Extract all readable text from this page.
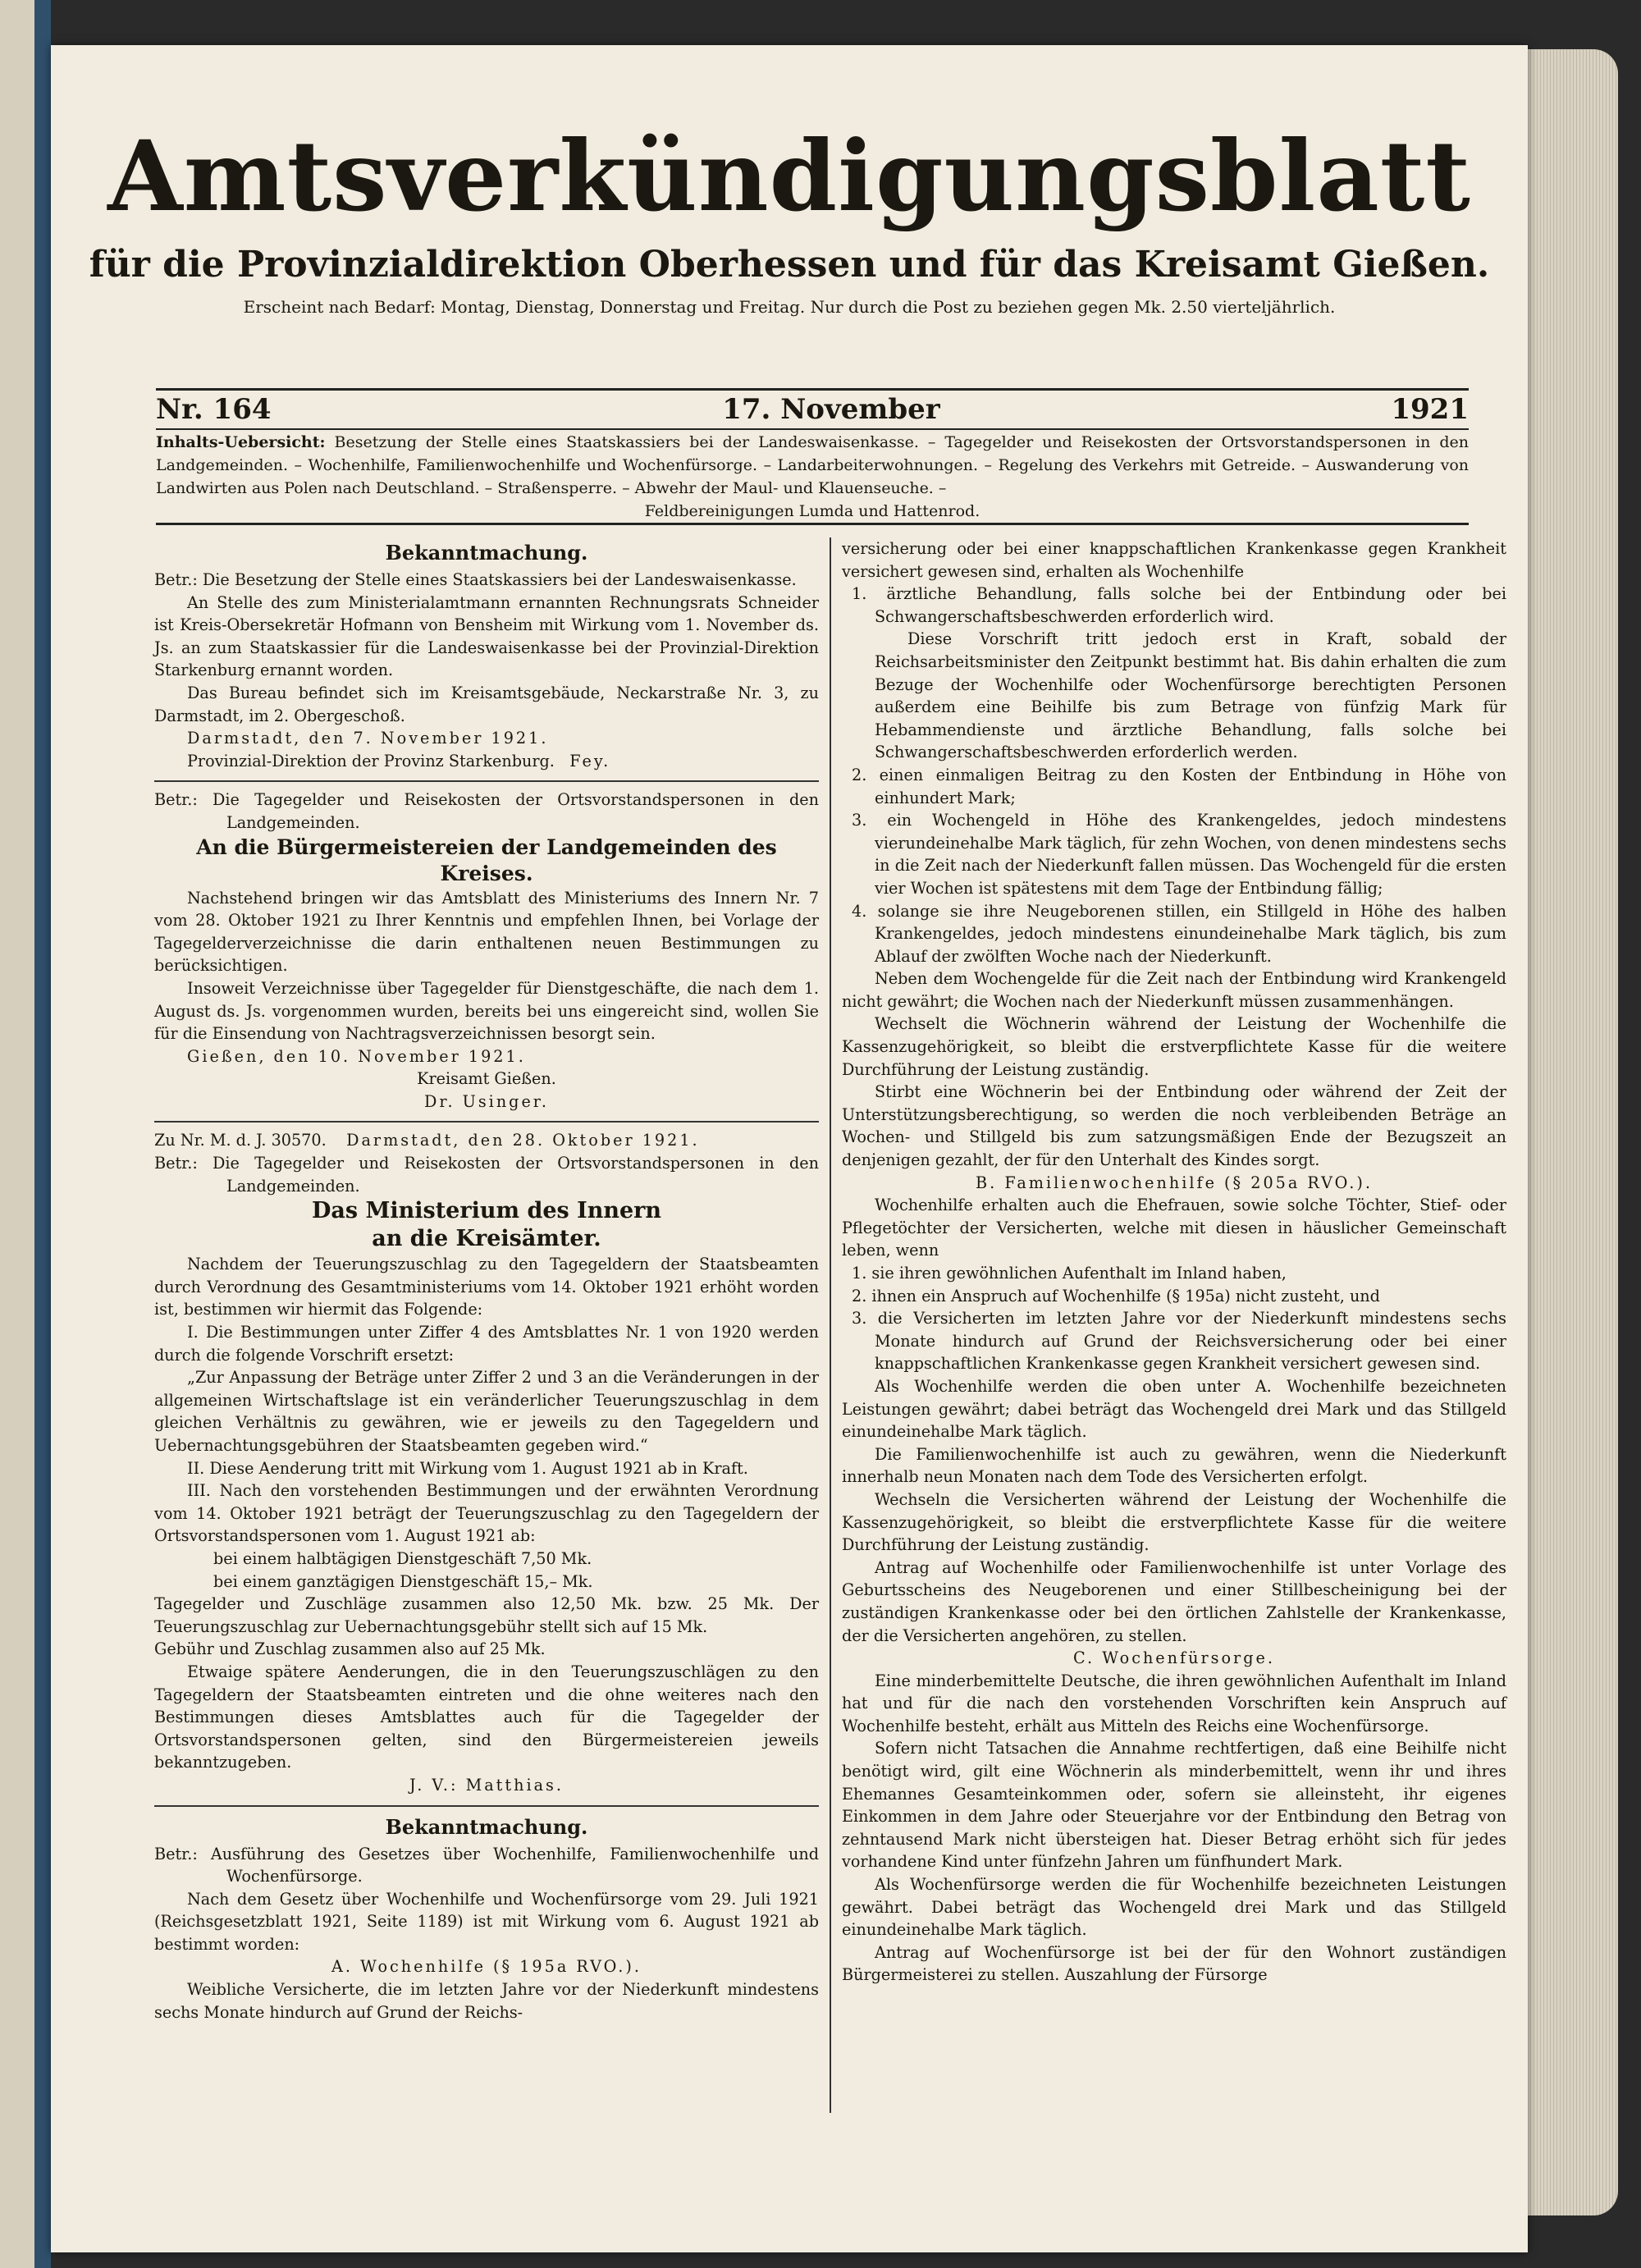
Amtsverkündigungsblatt
für die Provinzialdirektion Oberhessen und für das Kreisamt Gießen.
Erscheint nach Bedarf: Montag, Dienstag, Donnerstag und Freitag. Nur durch die Post zu beziehen gegen Mk. 2.50 vierteljährlich.
Nr. 164	17. November	1921
Inhalts-Uebersicht: Besetzung der Stelle eines Staatskassiers bei der Landeswaisenkasse. – Tagegelder und Reisekosten der Ortsvorstandspersonen in den Landgemeinden. – Wochenhilfe, Familienwochenhilfe und Wochenfürsorge. – Landarbeiterwohnungen. – Regelung des Verkehrs mit Getreide. – Auswanderung von Landwirten aus Polen nach Deutschland. – Straßensperre. – Abwehr der Maul- und Klauenseuche. –
Feldbereinigungen Lumda und Hattenrod.
Bekanntmachung.

Betr.: Die Besetzung der Stelle eines Staatskassiers bei der Landeswaisenkasse.

An Stelle des zum Ministerialamtmann ernannten Rechnungsrats Schneider ist Kreis-Obersekretär Hofmann von Bensheim mit Wirkung vom 1. November ds. Js. an zum Staatskassier für die Landeswaisenkasse bei der Provinzial-Direktion Starkenburg ernannt worden.

Das Bureau befindet sich im Kreisamtsgebäude, Neckarstraße Nr. 3, zu Darmstadt, im 2. Obergeschoß.

Darmstadt, den 7. November 1921.

Provinzial-Direktion der Provinz Starkenburg. Fey.

Betr.: Die Tagegelder und Reisekosten der Ortsvorstandspersonen in den Landgemeinden.

An die Bürgermeistereien der Landgemeinden des Kreises.

Nachstehend bringen wir das Amtsblatt des Ministeriums des Innern Nr. 7 vom 28. Oktober 1921 zu Ihrer Kenntnis und empfehlen Ihnen, bei Vorlage der Tagegelderverzeichnisse die darin enthaltenen neuen Bestimmungen zu berücksichtigen.

Insoweit Verzeichnisse über Tagegelder für Dienstgeschäfte, die nach dem 1. August ds. Js. vorgenommen wurden, bereits bei uns eingereicht sind, wollen Sie für die Einsendung von Nachtragsverzeichnissen besorgt sein.

Gießen, den 10. November 1921.

Kreisamt Gießen.

Dr. Usinger.

Zu Nr. M. d. J. 30570. Darmstadt, den 28. Oktober 1921.

Betr.: Die Tagegelder und Reisekosten der Ortsvorstandspersonen in den Landgemeinden.

Das Ministerium des Innern
an die Kreisämter.

Nachdem der Teuerungszuschlag zu den Tagegeldern der Staatsbeamten durch Verordnung des Gesamtministeriums vom 14. Oktober 1921 erhöht worden ist, bestimmen wir hiermit das Folgende:

I. Die Bestimmungen unter Ziffer 4 des Amtsblattes Nr. 1 von 1920 werden durch die folgende Vorschrift ersetzt:

„Zur Anpassung der Beträge unter Ziffer 2 und 3 an die Veränderungen in der allgemeinen Wirtschaftslage ist ein veränderlicher Teuerungszuschlag in dem gleichen Verhältnis zu gewähren, wie er jeweils zu den Tagegeldern und Uebernachtungsgebühren der Staatsbeamten gegeben wird.“

II. Diese Aenderung tritt mit Wirkung vom 1. August 1921 ab in Kraft.

III. Nach den vorstehenden Bestimmungen und der erwähnten Verordnung vom 14. Oktober 1921 beträgt der Teuerungszuschlag zu den Tagegeldern der Ortsvorstandspersonen vom 1. August 1921 ab:

bei einem halbtägigen Dienstgeschäft 7,50 Mk.

bei einem ganztägigen Dienstgeschäft 15,– Mk.

Tagegelder und Zuschläge zusammen also 12,50 Mk. bzw. 25 Mk. Der Teuerungszuschlag zur Uebernachtungsgebühr stellt sich auf 15 Mk.

Gebühr und Zuschlag zusammen also auf 25 Mk.

Etwaige spätere Aenderungen, die in den Teuerungszuschlägen zu den Tagegeldern der Staatsbeamten eintreten und die ohne weiteres nach den Bestimmungen dieses Amtsblattes auch für die Tagegelder der Ortsvorstandspersonen gelten, sind den Bürgermeistereien jeweils bekanntzugeben.

J. V.: Matthias.

Bekanntmachung.

Betr.: Ausführung des Gesetzes über Wochenhilfe, Familienwochenhilfe und Wochenfürsorge.

Nach dem Gesetz über Wochenhilfe und Wochenfürsorge vom 29. Juli 1921 (Reichsgesetzblatt 1921, Seite 1189) ist mit Wirkung vom 6. August 1921 ab bestimmt worden:

A. Wochenhilfe (§ 195a RVO.).

Weibliche Versicherte, die im letzten Jahre vor der Niederkunft mindestens sechs Monate hindurch auf Grund der Reichs-

versicherung oder bei einer knappschaftlichen Krankenkasse gegen Krankheit versichert gewesen sind, erhalten als Wochenhilfe

1. ärztliche Behandlung, falls solche bei der Entbindung oder bei Schwangerschaftsbeschwerden erforderlich wird.

Diese Vorschrift tritt jedoch erst in Kraft, sobald der Reichsarbeitsminister den Zeitpunkt bestimmt hat. Bis dahin erhalten die zum Bezuge der Wochenhilfe oder Wochenfürsorge berechtigten Personen außerdem eine Beihilfe bis zum Betrage von fünfzig Mark für Hebammendienste und ärztliche Behandlung, falls solche bei Schwangerschaftsbeschwerden erforderlich werden.

2. einen einmaligen Beitrag zu den Kosten der Entbindung in Höhe von einhundert Mark;

3. ein Wochengeld in Höhe des Krankengeldes, jedoch mindestens vierundeinehalbe Mark täglich, für zehn Wochen, von denen mindestens sechs in die Zeit nach der Niederkunft fallen müssen. Das Wochengeld für die ersten vier Wochen ist spätestens mit dem Tage der Entbindung fällig;

4. solange sie ihre Neugeborenen stillen, ein Stillgeld in Höhe des halben Krankengeldes, jedoch mindestens einundeinehalbe Mark täglich, bis zum Ablauf der zwölften Woche nach der Niederkunft.

Neben dem Wochengelde für die Zeit nach der Entbindung wird Krankengeld nicht gewährt; die Wochen nach der Niederkunft müssen zusammenhängen.

Wechselt die Wöchnerin während der Leistung der Wochenhilfe die Kassenzugehörigkeit, so bleibt die erstverpflichtete Kasse für die weitere Durchführung der Leistung zuständig.

Stirbt eine Wöchnerin bei der Entbindung oder während der Zeit der Unterstützungsberechtigung, so werden die noch verbleibenden Beträge an Wochen- und Stillgeld bis zum satzungsmäßigen Ende der Bezugszeit an denjenigen gezahlt, der für den Unterhalt des Kindes sorgt.

B. Familienwochenhilfe (§ 205a RVO.).

Wochenhilfe erhalten auch die Ehefrauen, sowie solche Töchter, Stief- oder Pflegetöchter der Versicherten, welche mit diesen in häuslicher Gemeinschaft leben, wenn

1. sie ihren gewöhnlichen Aufenthalt im Inland haben,

2. ihnen ein Anspruch auf Wochenhilfe (§ 195a) nicht zusteht, und

3. die Versicherten im letzten Jahre vor der Niederkunft mindestens sechs Monate hindurch auf Grund der Reichsversicherung oder bei einer knappschaftlichen Krankenkasse gegen Krankheit versichert gewesen sind.

Als Wochenhilfe werden die oben unter A. Wochenhilfe bezeichneten Leistungen gewährt; dabei beträgt das Wochengeld drei Mark und das Stillgeld einundeinehalbe Mark täglich.

Die Familienwochenhilfe ist auch zu gewähren, wenn die Niederkunft innerhalb neun Monaten nach dem Tode des Versicherten erfolgt.

Wechseln die Versicherten während der Leistung der Wochenhilfe die Kassenzugehörigkeit, so bleibt die erstverpflichtete Kasse für die weitere Durchführung der Leistung zuständig.

Antrag auf Wochenhilfe oder Familienwochenhilfe ist unter Vorlage des Geburtsscheins des Neugeborenen und einer Stillbescheinigung bei der zuständigen Krankenkasse oder bei den örtlichen Zahlstelle der Krankenkasse, der die Versicherten angehören, zu stellen.

C. Wochenfürsorge.

Eine minderbemittelte Deutsche, die ihren gewöhnlichen Aufenthalt im Inland hat und für die nach den vorstehenden Vorschriften kein Anspruch auf Wochenhilfe besteht, erhält aus Mitteln des Reichs eine Wochenfürsorge.

Sofern nicht Tatsachen die Annahme rechtfertigen, daß eine Beihilfe nicht benötigt wird, gilt eine Wöchnerin als minderbemittelt, wenn ihr und ihres Ehemannes Gesamteinkommen oder, sofern sie alleinsteht, ihr eigenes Einkommen in dem Jahre oder Steuerjahre vor der Entbindung den Betrag von zehntausend Mark nicht übersteigen hat. Dieser Betrag erhöht sich für jedes vorhandene Kind unter fünfzehn Jahren um fünfhundert Mark.

Als Wochenfürsorge werden die für Wochenhilfe bezeichneten Leistungen gewährt. Dabei beträgt das Wochengeld drei Mark und das Stillgeld einundeinehalbe Mark täglich.

Antrag auf Wochenfürsorge ist bei der für den Wohnort zuständigen Bürgermeisterei zu stellen. Auszahlung der Fürsorge
